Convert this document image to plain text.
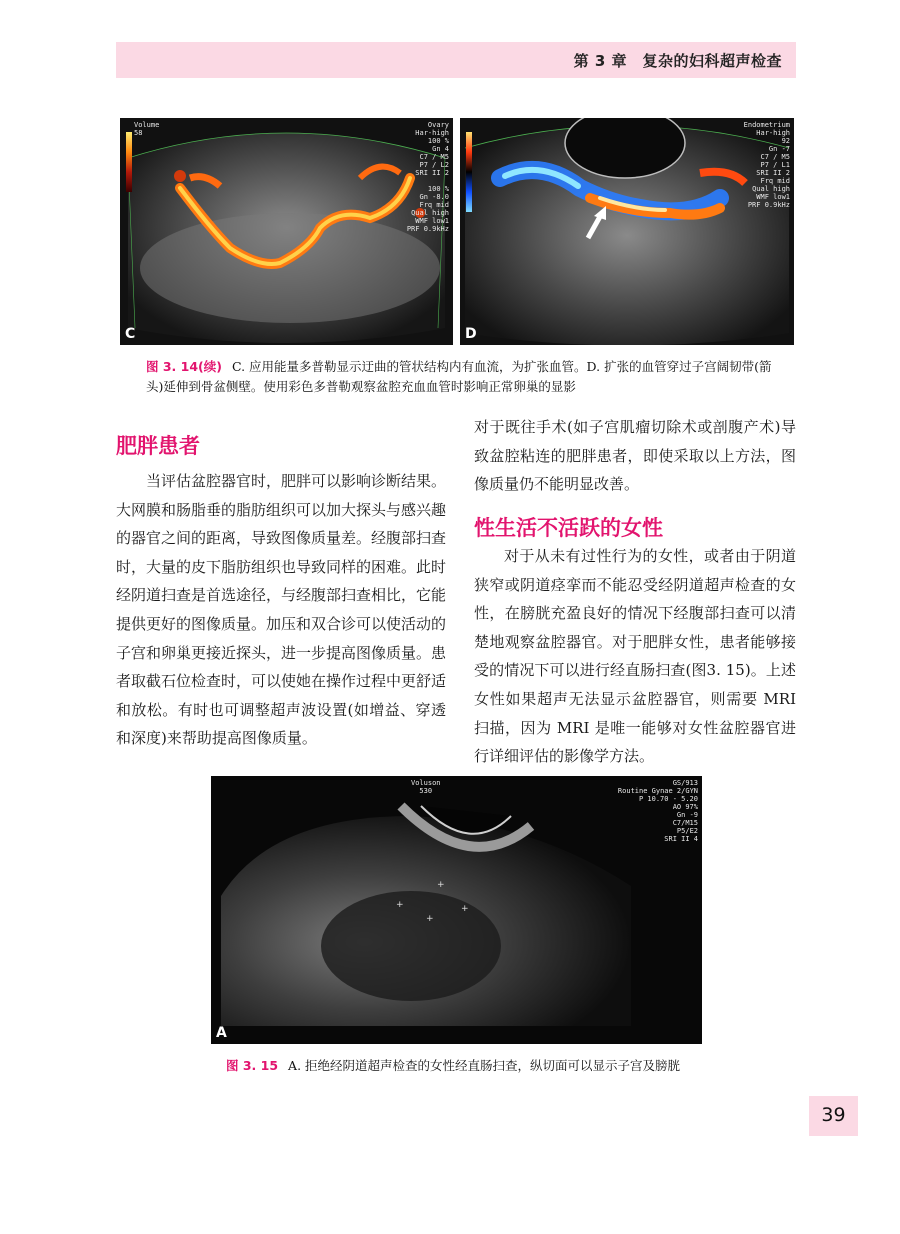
第 3 章　复杂的妇科超声检查
Ovary
Har-high
100 %
Gn 4
C7 / M5
P7 / L2
SRI II 2

100 %
Gn -8.0
Frq mid
Qual high
WMF low1
PRF 0.9kHz
Volume
58
C
Endometrium
Har-high
92
Gn -7
C7 / M5
P7 / L1
SRI II 2
Frq mid
Qual high
WMF low1
PRF 0.9kHz
D
图 3. 14(续) C. 应用能量多普勒显示迂曲的管状结构内有血流，为扩张血管。D. 扩张的血管穿过子宫阔韧带(箭头)延伸到骨盆侧壁。使用彩色多普勒观察盆腔充血血管时影响正常卵巢的显影
肥胖患者
当评估盆腔器官时，肥胖可以影响诊断结果。大网膜和肠脂垂的脂肪组织可以加大探头与感兴趣的器官之间的距离，导致图像质量差。经腹部扫查时，大量的皮下脂肪组织也导致同样的困难。此时经阴道扫查是首选途径，与经腹部扫查相比，它能提供更好的图像质量。加压和双合诊可以使活动的子宫和卵巢更接近探头，进一步提高图像质量。患者取截石位检查时，可以使她在操作过程中更舒适和放松。有时也可调整超声波设置(如增益、穿透和深度)来帮助提高图像质量。
对于既往手术(如子宫肌瘤切除术或剖腹产术)导致盆腔粘连的肥胖患者，即使采取以上方法，图像质量仍不能明显改善。
性生活不活跃的女性
对于从未有过性行为的女性，或者由于阴道狭窄或阴道痉挛而不能忍受经阴道超声检查的女性，在膀胱充盈良好的情况下经腹部扫查可以清楚地观察盆腔器官。对于肥胖女性，患者能够接受的情况下可以进行经直肠扫查(图3. 15)。上述女性如果超声无法显示盆腔器官，则需要 MRI 扫描，因为 MRI 是唯一能够对女性盆腔器官进行详细评估的影像学方法。
+
+	+
+
Voluson
530
GS/913
Routine Gynae 2/GYN
P 10.70 - 5.20
AO 97%
Gn -9
C7/M15
P5/E2
SRI II 4
A
图 3. 15 A. 拒绝经阴道超声检查的女性经直肠扫查，纵切面可以显示子宫及膀胱
39
